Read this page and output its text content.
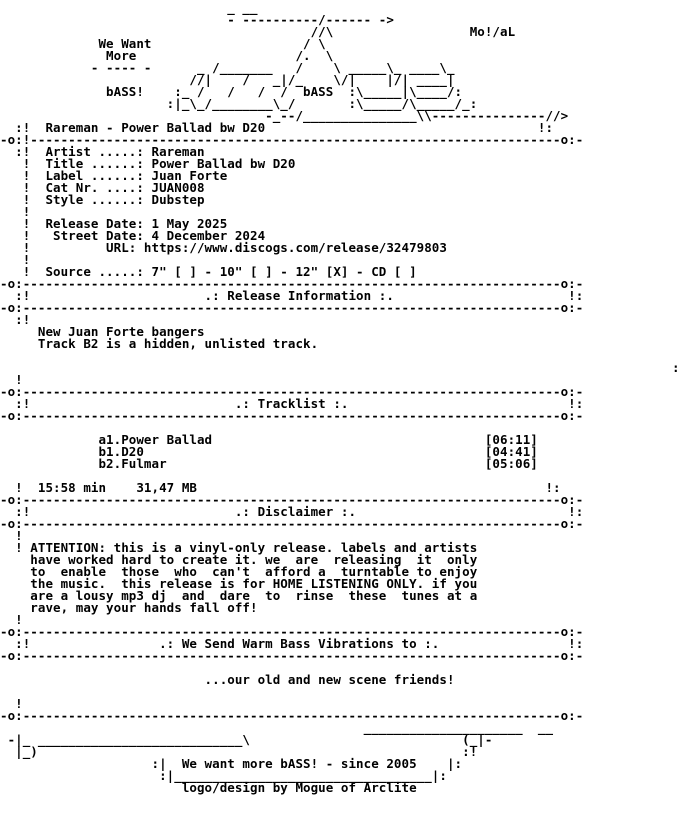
_ __
- ----------/------ ->
//\                  Mo!/aL
We Want                    / \
More                     /.  \
- ---- -      _ /_______   /    \ _____\_ ____\_
//|    /   _|/_    \/|    |/| ____|
bASS!    :_ /   /   /  /  bASS  :\_____|\____/:
:|_\_/________\_/       :\_____/\_____/_:
-_--/_______________\\---------------//>
:!  Rareman - Power Ballad bw D20                                    !:
-o:!----------------------------------------------------------------------o:-
:!  Artist .....: Rareman
!  Title ......: Power Ballad bw D20
!  Label ......: Juan Forte
!  Cat Nr. ....: JUAN008
!  Style ......: Dubstep
!
!  Release Date: 1 May 2025
!   Street Date: 4 December 2024
!          URL: https://www.discogs.com/release/32479803
!
!  Source .....: 7" [ ] - 10" [ ] - 12" [X] - CD [ ]
-o:-----------------------------------------------------------------------o:-
:!                       .: Release Information :.                       !:
-o:-----------------------------------------------------------------------o:-
:!
New Juan Forte bangers
Track B2 is a hidden, unlisted track.

!
-o:-----------------------------------------------------------------------o:-
:!                           .: Tracklist :.                             !:
-o:-----------------------------------------------------------------------o:-

a1.Power Ballad                                    [06:11]
b1.D20                                             [04:41]
b2.Fulmar                                          [05:06]

!  15:58 min    31,47 MB                                              !:
-o:-----------------------------------------------------------------------o:-
:!                           .: Disclaimer :.                            !:
-o:-----------------------------------------------------------------------o:-
!
! ATTENTION: this is a vinyl-only release. labels and artists
have worked hard to create it. we  are  releasing  it  only
to  enable  those  who  can't  afford a  turntable to enjoy
the music.  this release is for HOME LISTENING ONLY. if you
are a lousy mp3 dj  and  dare  to  rinse  these  tunes at a
rave, may your hands fall off!
!
-o:-----------------------------------------------------------------------o:-
:!                 .: We Send Warm Bass Vibrations to :.                 !:
-o:-----------------------------------------------------------------------o:-

...our old and new scene friends!

!
-o:-----------------------------------------------------------------------o:-
_____________________  __
-|_ ___________________________\                            (_|-
|_)                                                        :!
:|  We want more bASS! - since 2005    |:
:|__________________________________|:
logo/design by Mogue of Arclite
:
